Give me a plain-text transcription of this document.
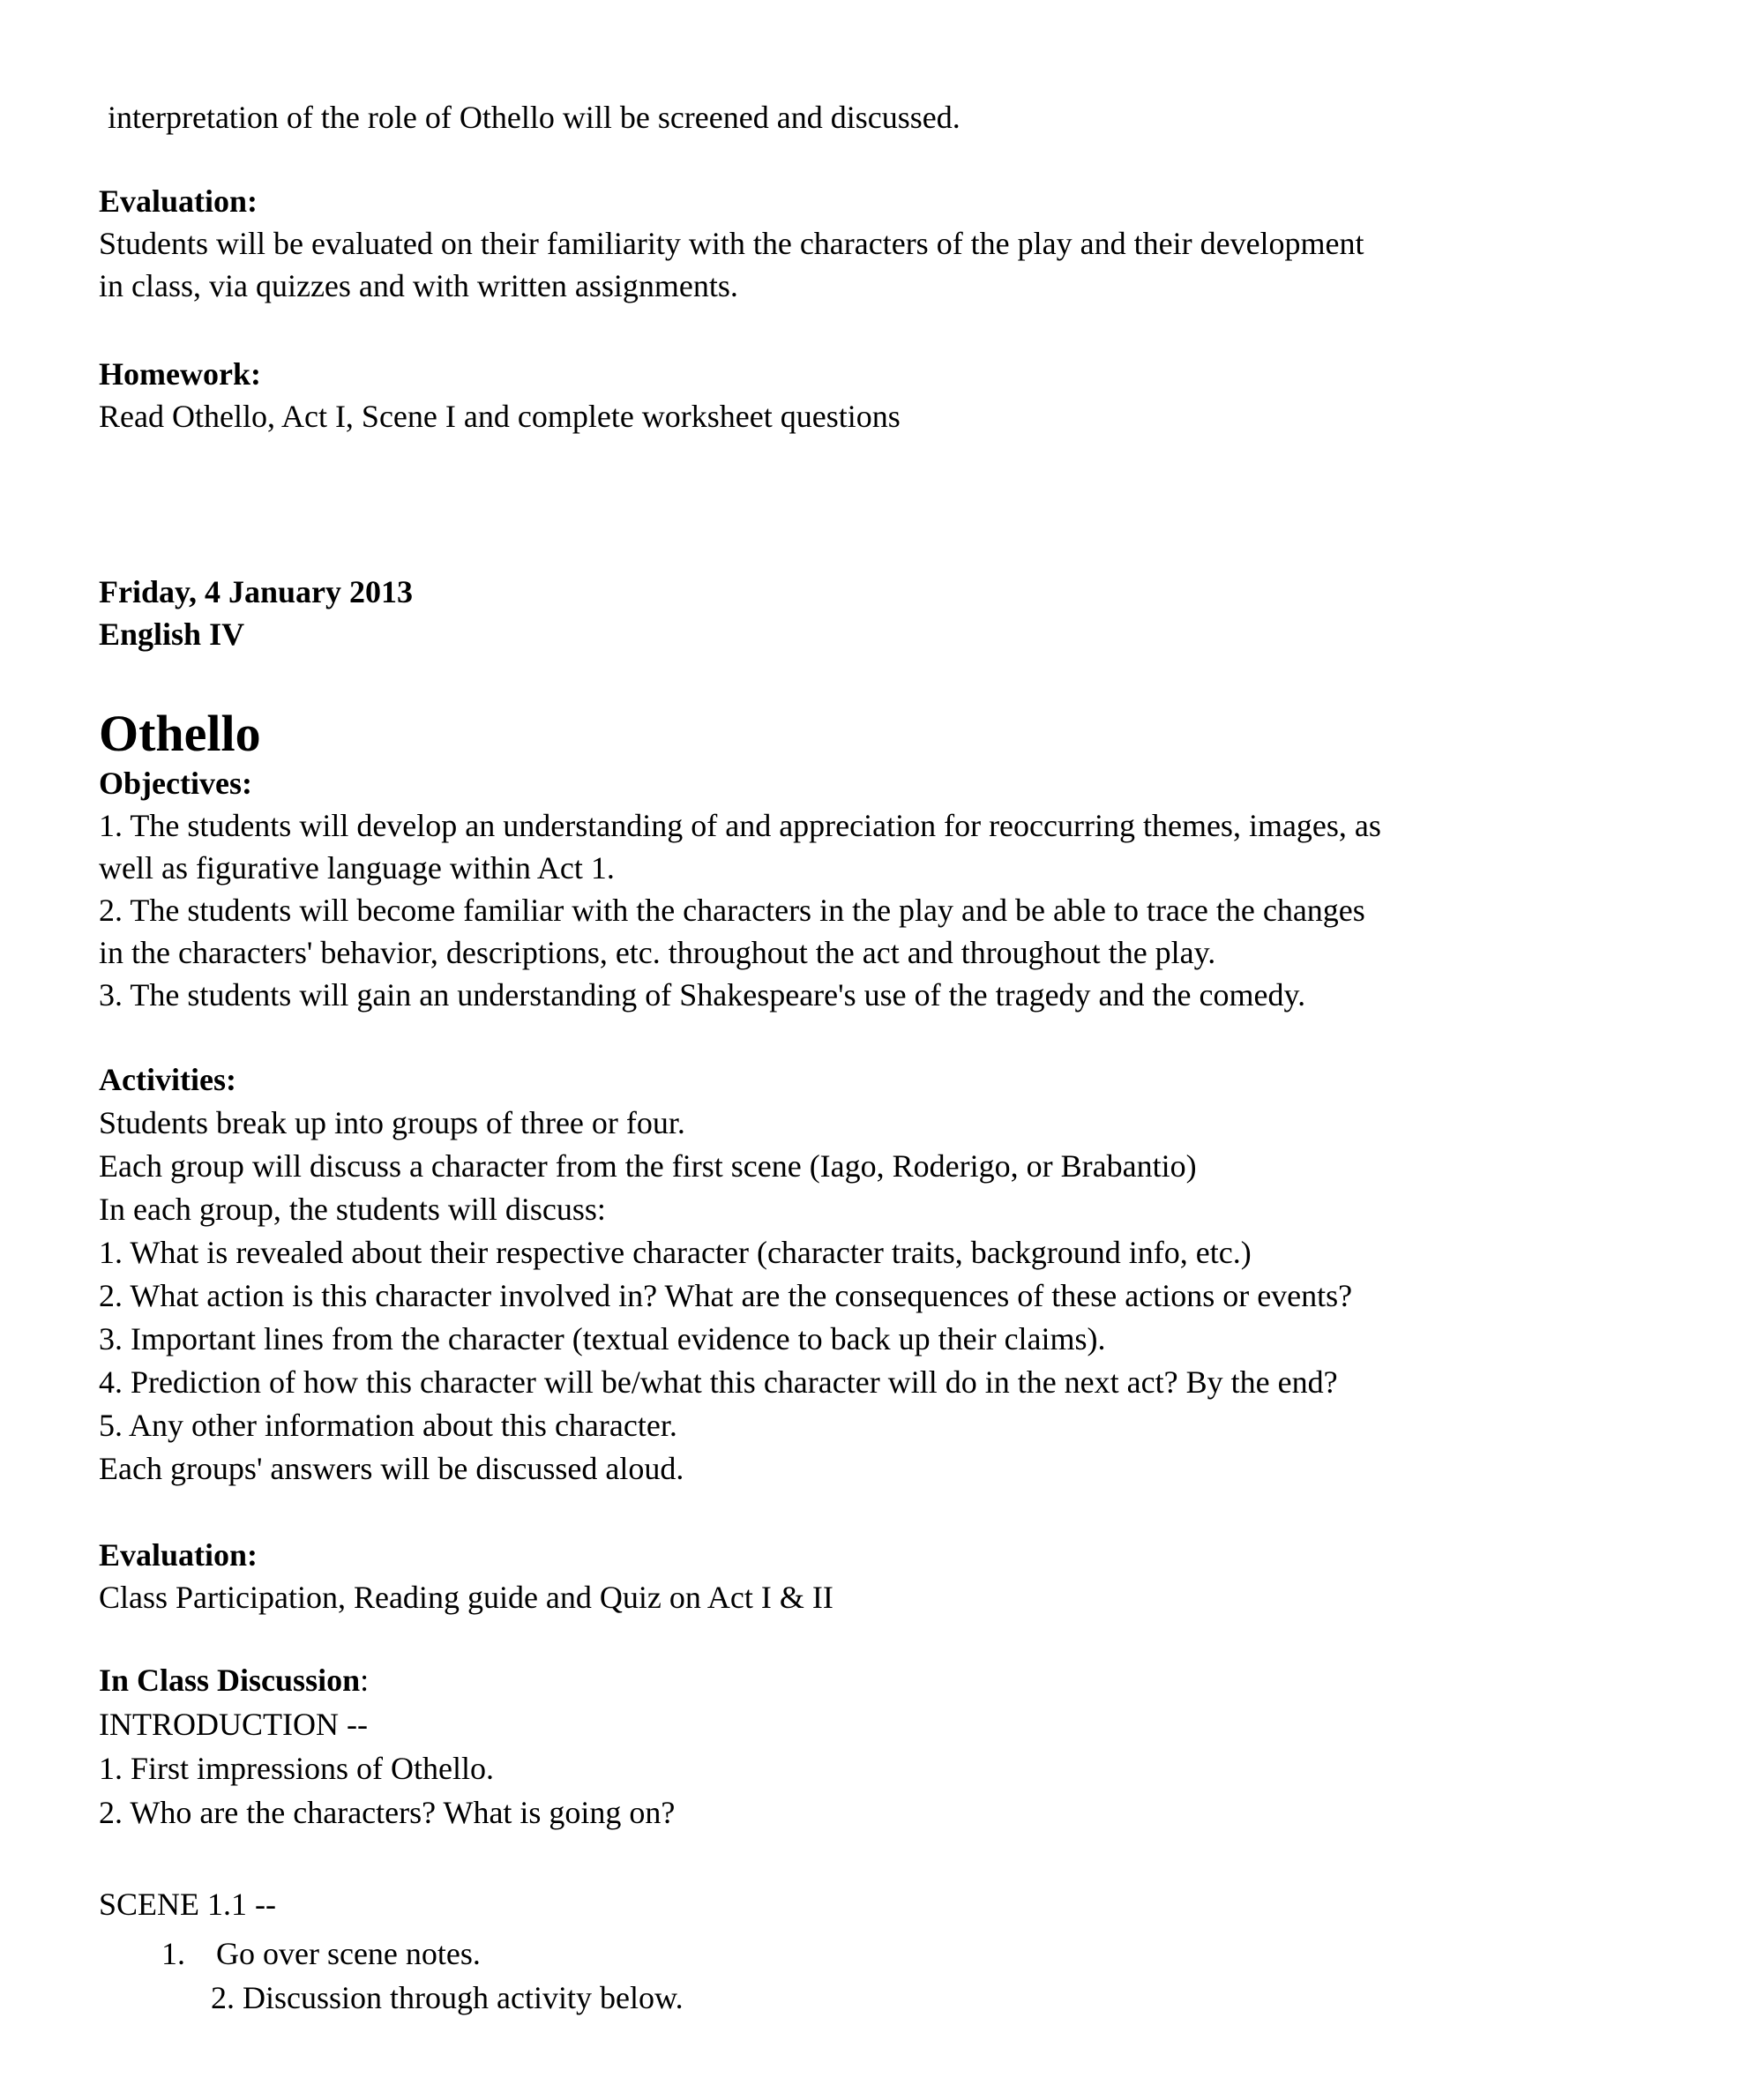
interpretation of the role of Othello will be screened and discussed.
Evaluation:
Students will be evaluated on their familiarity with the characters of the play and their development
in class, via quizzes and with written assignments.
Homework:
Read Othello, Act I, Scene I and complete worksheet questions
Friday, 4 January 2013
English IV
Othello
Objectives:
1. The students will develop an understanding of and appreciation for reoccurring themes, images, as
well as figurative language within Act 1.
2. The students will become familiar with the characters in the play and be able to trace the changes
in the characters' behavior, descriptions, etc. throughout the act and throughout the play.
3. The students will gain an understanding of Shakespeare's use of the tragedy and the comedy.
Activities:
Students break up into groups of three or four.
Each group will discuss a character from the first scene (Iago, Roderigo, or Brabantio)
In each group, the students will discuss:
1. What is revealed about their respective character (character traits, background info, etc.)
2. What action is this character involved in? What are the consequences of these actions or events?
3. Important lines from the character (textual evidence to back up their claims).
4. Prediction of how this character will be/what this character will do in the next act? By the end?
5. Any other information about this character.
Each groups' answers will be discussed aloud.
Evaluation:
Class Participation, Reading guide and Quiz on Act I & II
In Class Discussion:
INTRODUCTION --
1. First impressions of Othello.
2. Who are the characters? What is going on?
SCENE 1.1 --
1. Go over scene notes.
2. Discussion through activity below.
